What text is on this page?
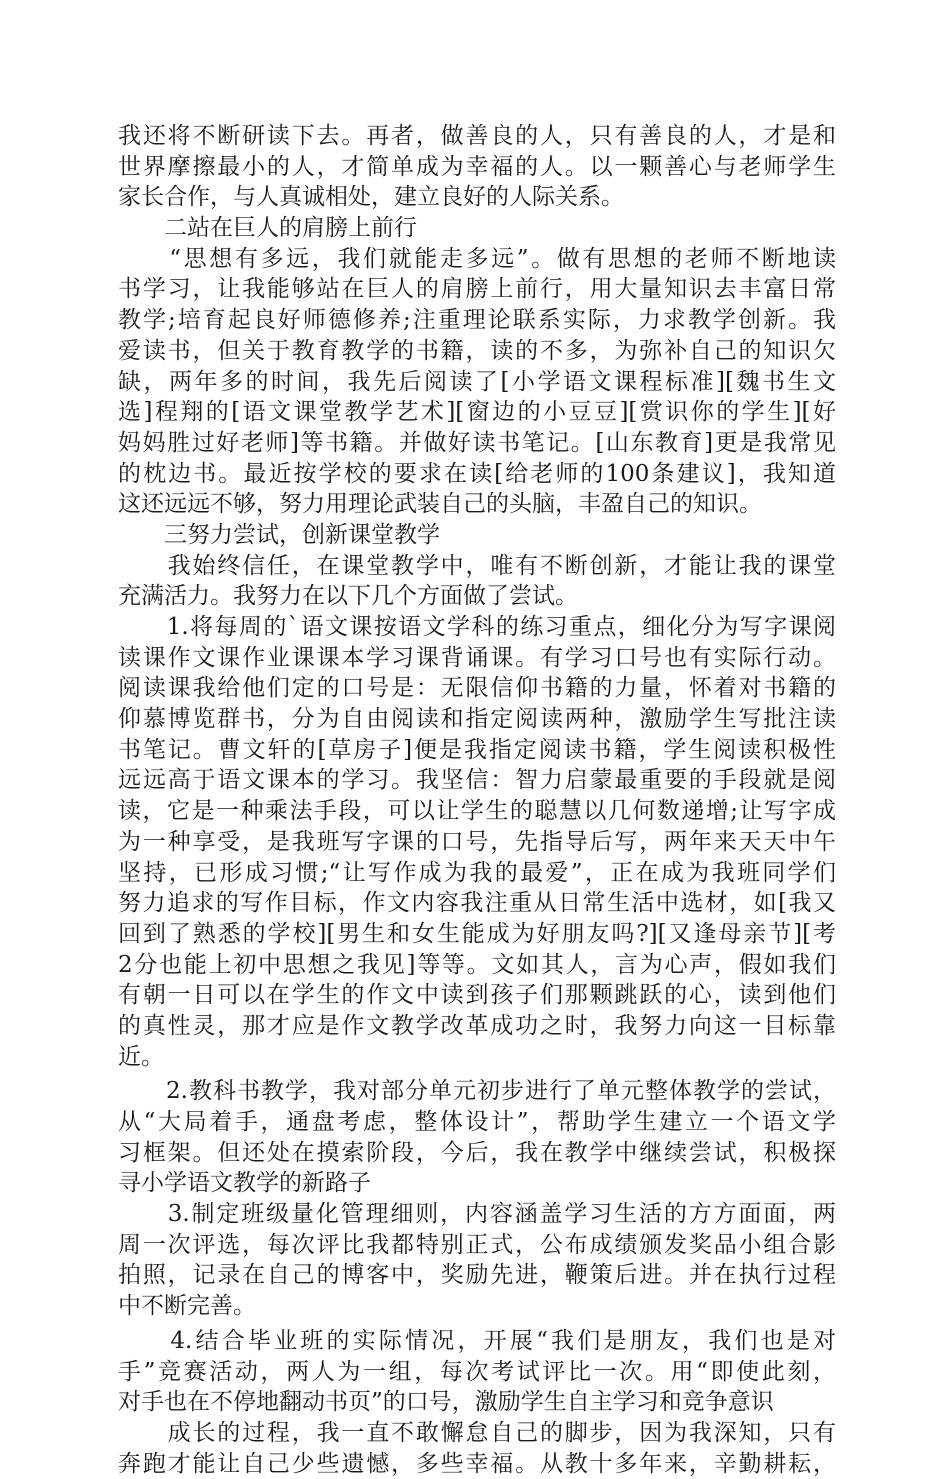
我还将不断研读下去。再者，做善良的人，只有善良的人，才是和
世界摩擦最小的人，才简单成为幸福的人。以一颗善心与老师学生
家长合作，与人真诚相处，建立良好的人际关系。
　　二站在巨人的肩膀上前行
　　“思想有多远，我们就能走多远”。做有思想的老师不断地读
书学习，让我能够站在巨人的肩膀上前行，用大量知识去丰富日常
教学;培育起良好师德修养;注重理论联系实际，力求教学创新。我
爱读书，但关于教育教学的书籍，读的不多，为弥补自己的知识欠
缺，两年多的时间，我先后阅读了[小学语文课程标准][魏书生文
选]程翔的[语文课堂教学艺术][窗边的小豆豆][赏识你的学生][好
妈妈胜过好老师]等书籍。并做好读书笔记。[山东教育]更是我常见
的枕边书。最近按学校的要求在读[给老师的100条建议]，我知道
这还远远不够，努力用理论武装自己的头脑，丰盈自己的知识。
　　三努力尝试，创新课堂教学
　　我始终信任，在课堂教学中，唯有不断创新，才能让我的课堂
充满活力。我努力在以下几个方面做了尝试。
　　1.将每周的`语文课按语文学科的练习重点，细化分为写字课阅
读课作文课作业课课本学习课背诵课。有学习口号也有实际行动。
阅读课我给他们定的口号是：无限信仰书籍的力量，怀着对书籍的
仰慕博览群书，分为自由阅读和指定阅读两种，激励学生写批注读
书笔记。曹文轩的[草房子]便是我指定阅读书籍，学生阅读积极性
远远高于语文课本的学习。我坚信：智力启蒙最重要的手段就是阅
读，它是一种乘法手段，可以让学生的聪慧以几何数递增;让写字成
为一种享受，是我班写字课的口号，先指导后写，两年来天天中午
坚持，已形成习惯;“让写作成为我的最爱”，正在成为我班同学们
努力追求的写作目标，作文内容我注重从日常生活中选材，如[我又
回到了熟悉的学校][男生和女生能成为好朋友吗?][又逢母亲节][考
2分也能上初中思想之我见]等等。文如其人，言为心声，假如我们
有朝一日可以在学生的作文中读到孩子们那颗跳跃的心，读到他们
的真性灵，那才应是作文教学改革成功之时，我努力向这一目标靠
近。
　　2.教科书教学，我对部分单元初步进行了单元整体教学的尝试，
从“大局着手，通盘考虑，整体设计”，帮助学生建立一个语文学
习框架。但还处在摸索阶段，今后，我在教学中继续尝试，积极探
寻小学语文教学的新路子
　　3.制定班级量化管理细则，内容涵盖学习生活的方方面面，两
周一次评选，每次评比我都特别正式，公布成绩颁发奖品小组合影
拍照，记录在自己的博客中，奖励先进，鞭策后进。并在执行过程
中不断完善。
　　4.结合毕业班的实际情况，开展“我们是朋友，我们也是对
手”竞赛活动，两人为一组，每次考试评比一次。用“即使此刻，
对手也在不停地翻动书页”的口号，激励学生自主学习和竞争意识
　　成长的过程，我一直不敢懈怠自己的脚步，因为我深知，只有
奔跑才能让自己少些遗憾，多些幸福。从教十多年来，辛勤耕耘，
